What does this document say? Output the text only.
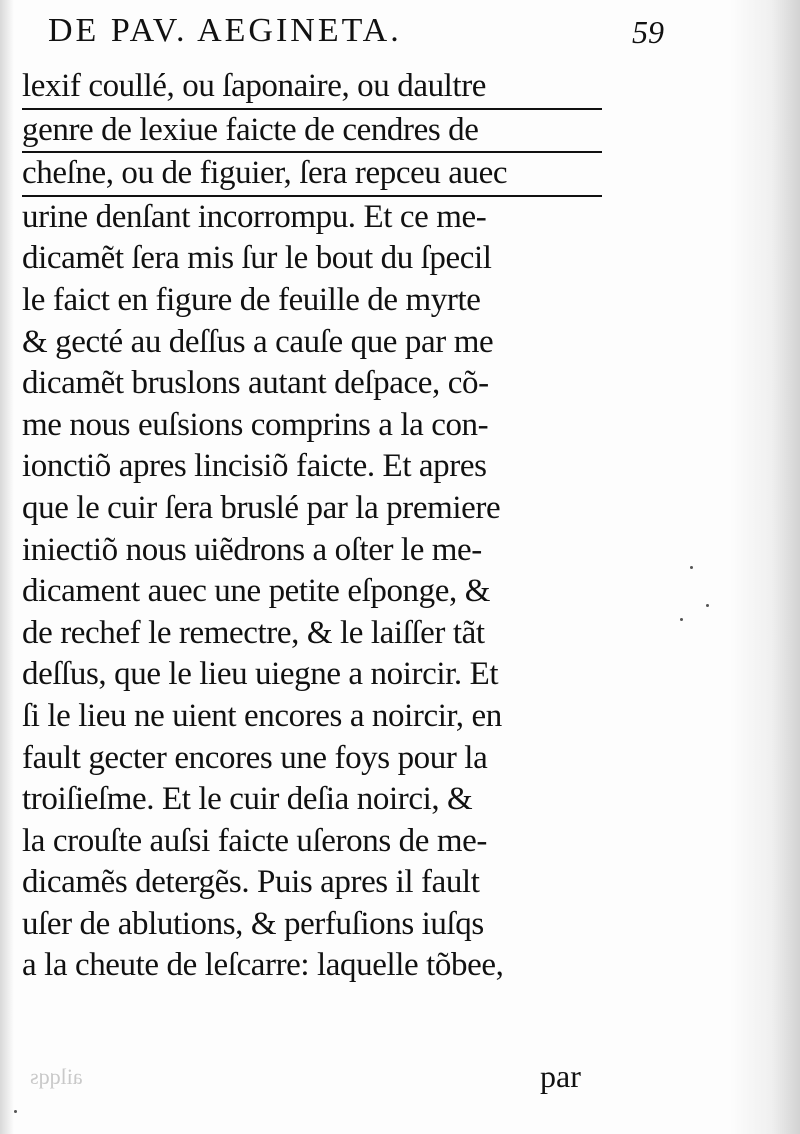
DE PAV. AEGINETA.	59
lexif coullé, ou ſaponaire, ou daultre
genre de lexiue faicte de cendres de
cheſne, ou de figuier, ſera repceu auec
urine denſant incorrompu. Et ce me-
dicamẽt ſera mis ſur le bout du ſpecil
le faict en figure de feuille de myrte
& gecté au deſſus a cauſe que par me
dicamẽt bruslons autant deſpace, cõ-
me nous euſsions comprins a la con-
ionctiõ apres lincisiõ faicte. Et apres
que le cuir ſera bruslé par la premiere
iniectiõ nous uiẽdrons a oſter le me-
dicament auec une petite eſponge, &
de rechef le remectre, & le laiſſer tãt
deſſus, que le lieu uiegne a noircir. Et
ſi le lieu ne uient encores a noircir, en
fault gecter encores une foys pour la
troiſieſme. Et le cuir deſia noirci, &
la crouſte auſsi faicte uſerons de me-
dicamẽs detergẽs. Puis apres il fault
uſer de ablutions, & perfuſions iuſqs
a la cheute de leſcarre: laquelle tõbee,
ailqqs	par
